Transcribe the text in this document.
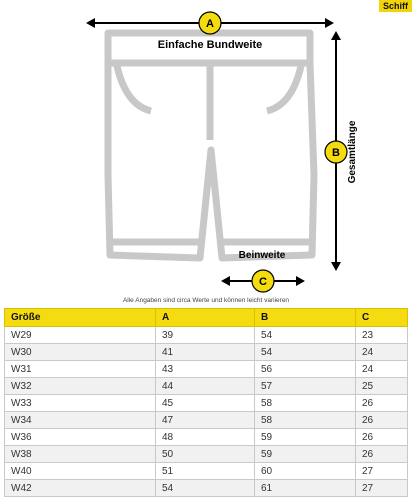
Schiff
A
Einfache Bundweite
B Gesamtlänge
Beinweite
C
Alle Angaben sind circa Werte und können leicht variieren
Größe	A	B	C
W29	39	54	23
W30	41	54	24
W31	43	56	24
W32	44	57	25
W33	45	58	26
W34	47	58	26
W36	48	59	26
W38	50	59	26
W40	51	60	27
W42	54	61	27
